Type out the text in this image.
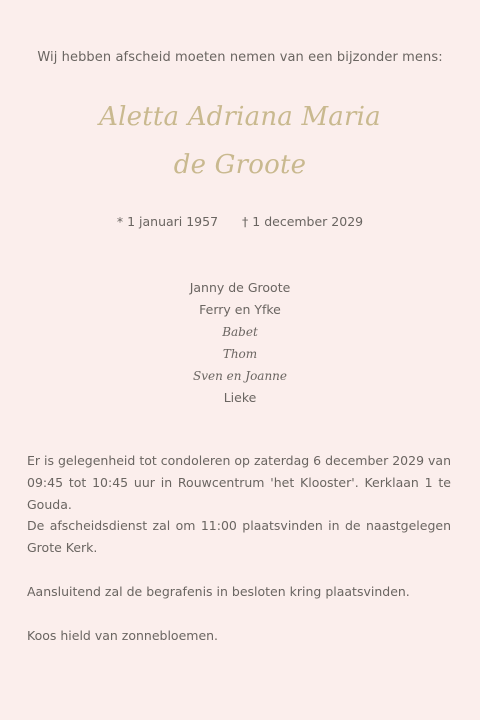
Wij hebben afscheid moeten nemen van een bijzonder mens:
Aletta Adriana Maria
de Groote
* 1 januari 1957 † 1 december 2029
Janny de Groote
Ferry en Yfke
Babet
Thom
Sven en Joanne
Lieke
Er is gelegenheid tot condoleren op zaterdag 6 december 2029 van 09:45 tot 10:45 uur in Rouwcentrum 'het Klooster'. Kerklaan 1 te Gouda.
De afscheidsdienst zal om 11:00 plaatsvinden in de naastgelegen Grote Kerk.
Aansluitend zal de begrafenis in besloten kring plaatsvinden.
Koos hield van zonnebloemen.
